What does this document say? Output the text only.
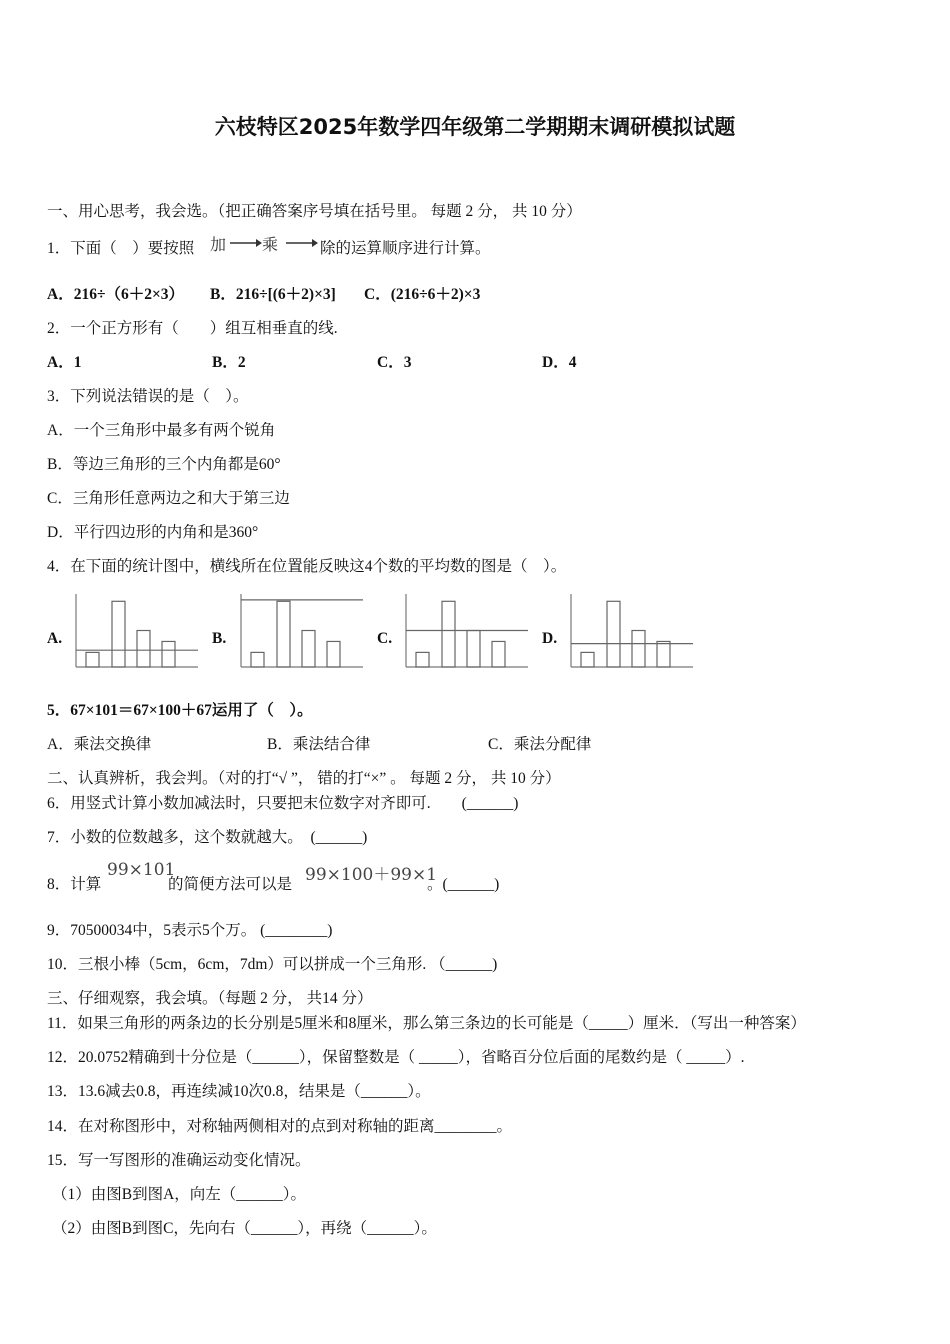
六枝特区2025年数学四年级第二学期期末调研模拟试题
一、用心思考，我会选。（把正确答案序号填在括号里。 每题 2 分， 共 10 分）
1．下面（　）要按照 加 乘	除的运算顺序进行计算。
A．216÷（6＋2×3） B．216÷[(6＋2)×3] C．(216÷6＋2)×3
2．一个正方形有（　　）组互相垂直的线.
A．1	B．2	C．3	D．4
3．下列说法错误的是（　）。
A．一个三角形中最多有两个锐角
B．等边三角形的三个内角都是60°
C．三角形任意两边之和大于第三边
D．平行四边形的内角和是360°
4．在下面的统计图中，横线所在位置能反映这4个数的平均数的图是（　）。
A.	B.	C.	D.
5．67×101＝67×100＋67运用了（　）。
A．乘法交换律	B．乘法结合律	C．乘法分配律
二、认真辨析，我会判。（对的打“√ ”， 错的打“×” 。 每题 2 分， 共 10 分）
6．用竖式计算小数加减法时，只要把末位数字对齐即可.　　(______)
7．小数的位数越多，这个数就越大。　(______)
8．计算
99×101
的简便方法可以是 99×100＋99×1
。(______)
9．70500034中，5表示5个万。 (________)
10．三根小棒（5cm，6cm，7dm）可以拼成一个三角形. （______)
三、仔细观察，我会填。（每题 2 分， 共14 分）
11．如果三角形的两条边的长分别是5厘米和8厘米，那么第三条边的长可能是（_____）厘米．（写出一种答案）
12．20.0752精确到十分位是（______），保留整数是（ _____），省略百分位后面的尾数约是（ _____）.
13．13.6减去0.8，再连续减10次0.8，结果是（______）。
14．在对称图形中，对称轴两侧相对的点到对称轴的距离________。
15．写一写图形的准确运动变化情况。
（1）由图B到图A，向左（______）。
（2）由图B到图C，先向右（______），再绕（______）。
